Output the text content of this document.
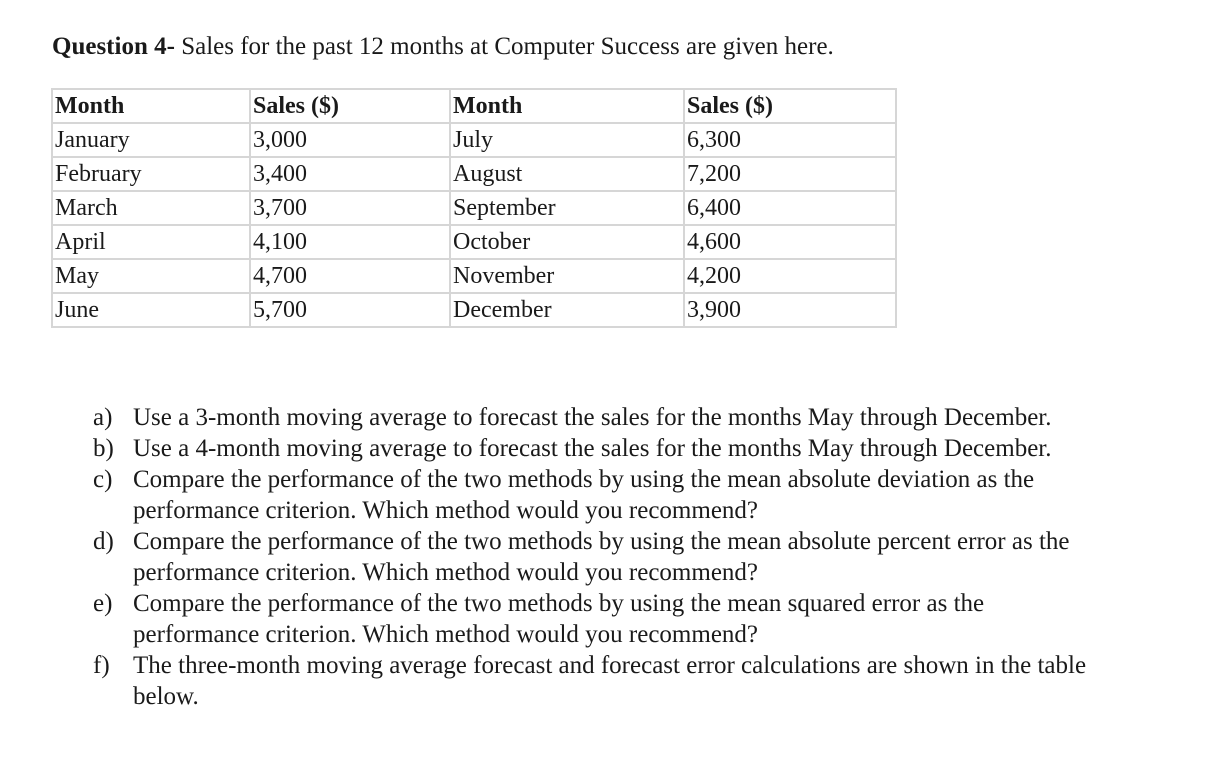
Question 4- Sales for the past 12 months at Computer Success are given here.
Month	Sales ($)	Month	Sales ($)
January	3,000	July	6,300
February	3,400	August	7,200
March	3,700	September	6,400
April	4,100	October	4,600
May	4,700	November	4,200
June	5,700	December	3,900
a) Use a 3-month moving average to forecast the sales for the months May through December.
b) Use a 4-month moving average to forecast the sales for the months May through December.
c) Compare the performance of the two methods by using the mean absolute deviation as the performance criterion. Which method would you recommend?
d) Compare the performance of the two methods by using the mean absolute percent error as the performance criterion. Which method would you recommend?
e) Compare the performance of the two methods by using the mean squared error as the performance criterion. Which method would you recommend?
f) The three-month moving average forecast and forecast error calculations are shown in the table below.
